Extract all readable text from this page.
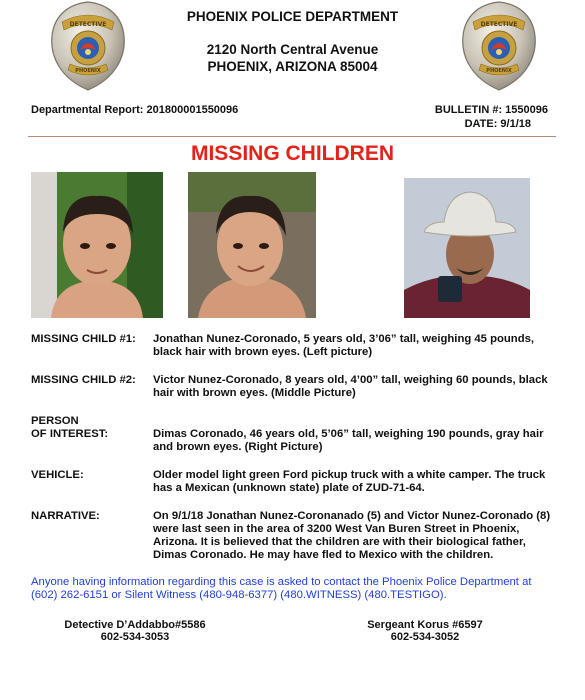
DETECTIVE
PHOENIX
DETECTIVE
PHOENIX
PHOENIX POLICE DEPARTMENT
2120 North Central Avenue
PHOENIX, ARIZONA 85004
Departmental Report: 201800001550096	BULLETIN #: 1550096
DATE: 9/1/18
MISSING CHILDREN
MISSING CHILD #1: Jonathan Nunez-Coronado, 5 years old, 3’06” tall, weighing 45 pounds, black hair with brown eyes. (Left picture)
MISSING CHILD #2: Victor Nunez-Coronado, 8 years old, 4’00” tall, weighing 60 pounds, black hair with brown eyes. (Middle Picture)
PERSON
OF INTEREST:	Dimas Coronado, 46 years old, 5’06” tall, weighing 190 pounds, gray hair and brown eyes. (Right Picture)
VEHICLE:	Older model light green Ford pickup truck with a white camper. The truck has a Mexican (unknown state) plate of ZUD-71-64.
NARRATIVE:	On 9/1/18 Jonathan Nunez-Coronanado (5) and Victor Nunez-Coronado (8) were last seen in the area of 3200 West Van Buren Street in Phoenix, Arizona. It is believed that the children are with their biological father, Dimas Coronado. He may have fled to Mexico with the children.
Anyone having information regarding this case is asked to contact the Phoenix Police Department at (602) 262-6151 or Silent Witness (480-948-6377) (480.WITNESS) (480.TESTIGO).
Detective D’Addabbo#5586
602-534-3053
Sergeant Korus #6597
602-534-3052
